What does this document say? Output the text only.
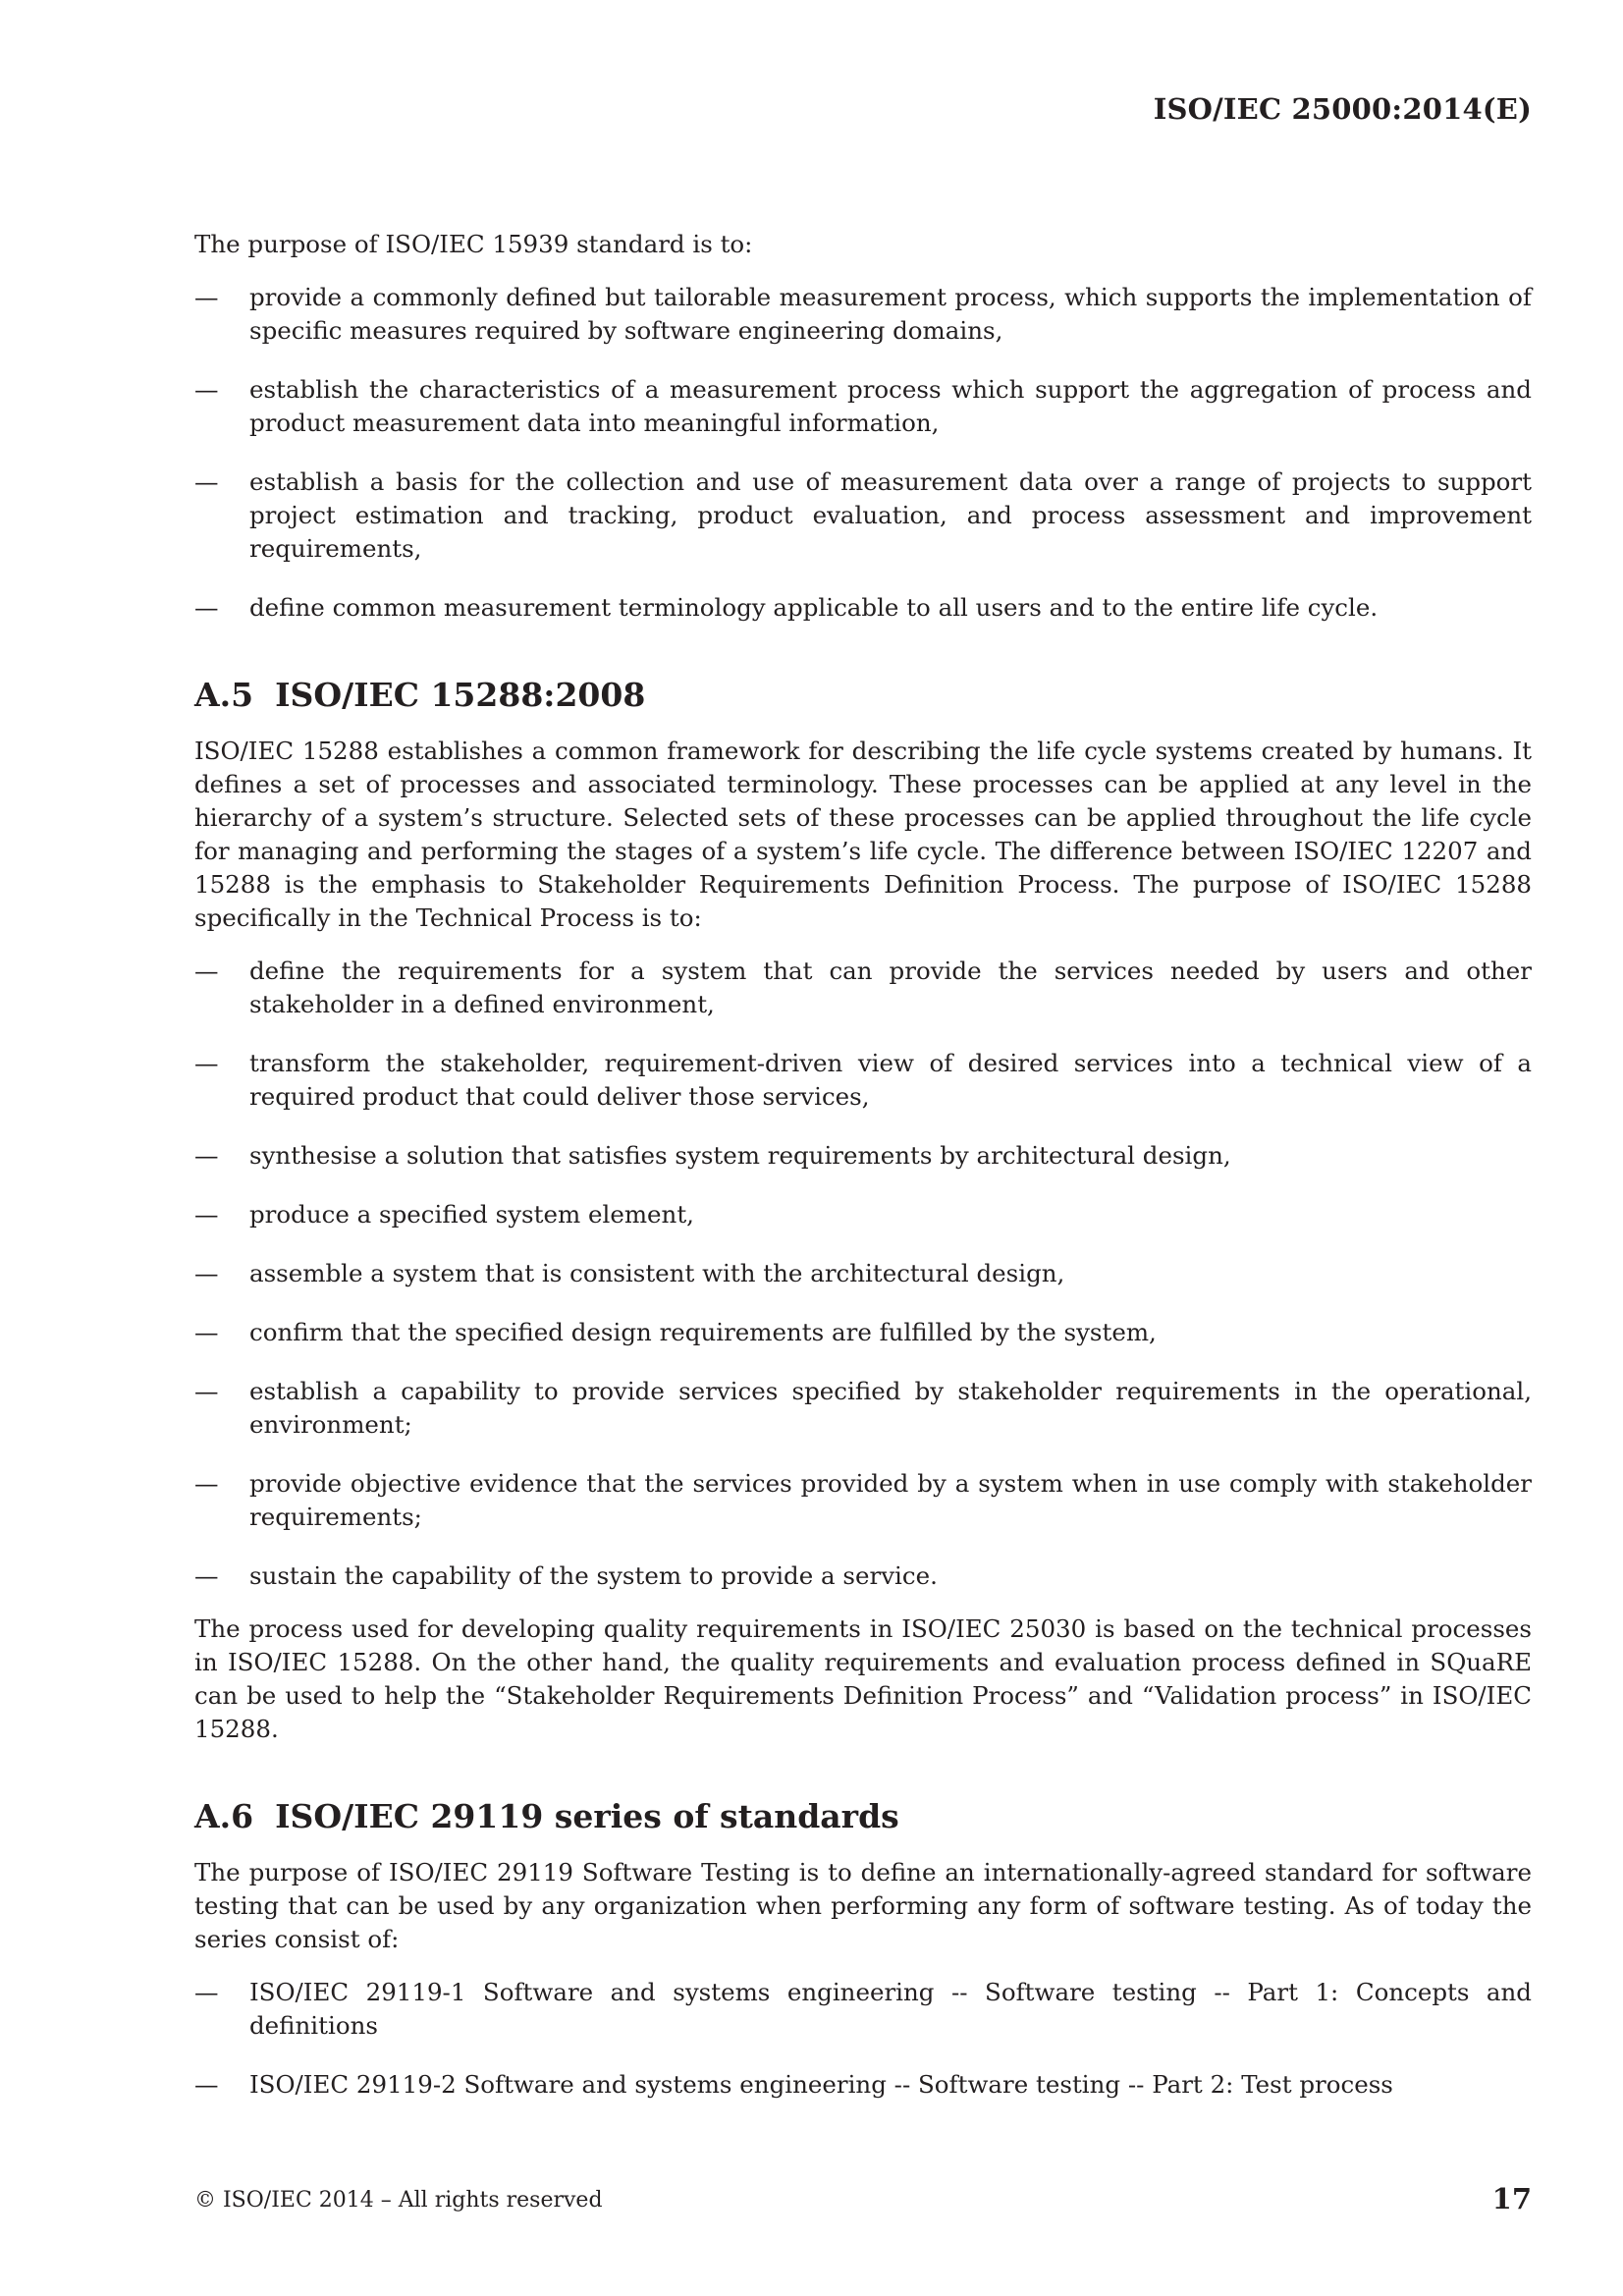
ISO/IEC 25000:2014(E)

The purpose of ISO/IEC 15939 standard is to:

— provide a commonly defined but tailorable measurement process, which supports the implementation of specific measures required by software engineering domains,
— establish the characteristics of a measurement process which support the aggregation of process and product measurement data into meaningful information,
— establish a basis for the collection and use of measurement data over a range of projects to support project estimation and tracking, product evaluation, and process assessment and improvement requirements,
— define common measurement terminology applicable to all users and to the entire life cycle.
A.5 ISO/IEC 15288:2008

ISO/IEC 15288 establishes a common framework for describing the life cycle systems created by humans. It defines a set of processes and associated terminology. These processes can be applied at any level in the hierarchy of a system’s structure. Selected sets of these processes can be applied throughout the life cycle for managing and performing the stages of a system’s life cycle. The difference between ISO/IEC 12207 and 15288 is the emphasis to Stakeholder Requirements Definition Process. The purpose of ISO/IEC 15288 specifically in the Technical Process is to:

— define the requirements for a system that can provide the services needed by users and other stakeholder in a defined environment,
— transform the stakeholder, requirement-driven view of desired services into a technical view of a required product that could deliver those services,
— synthesise a solution that satisfies system requirements by architectural design,
— produce a specified system element,
— assemble a system that is consistent with the architectural design,
— confirm that the specified design requirements are fulfilled by the system,
— establish a capability to provide services specified by stakeholder requirements in the operational, environment;
— provide objective evidence that the services provided by a system when in use comply with stakeholder requirements;
— sustain the capability of the system to provide a service.

The process used for developing quality requirements in ISO/IEC 25030 is based on the technical processes in ISO/IEC 15288. On the other hand, the quality requirements and evaluation process defined in SQuaRE can be used to help the “Stakeholder Requirements Definition Process” and “Validation process” in ISO/IEC 15288.

A.6 ISO/IEC 29119 series of standards

The purpose of ISO/IEC 29119 Software Testing is to define an internationally-agreed standard for software testing that can be used by any organization when performing any form of software testing. As of today the series consist of:

— ISO/IEC 29119-1 Software and systems engineering -- Software testing -- Part 1: Concepts and definitions
— ISO/IEC 29119-2 Software and systems engineering -- Software testing -- Part 2: Test process
© ISO/IEC 2014 – All rights reserved	17
